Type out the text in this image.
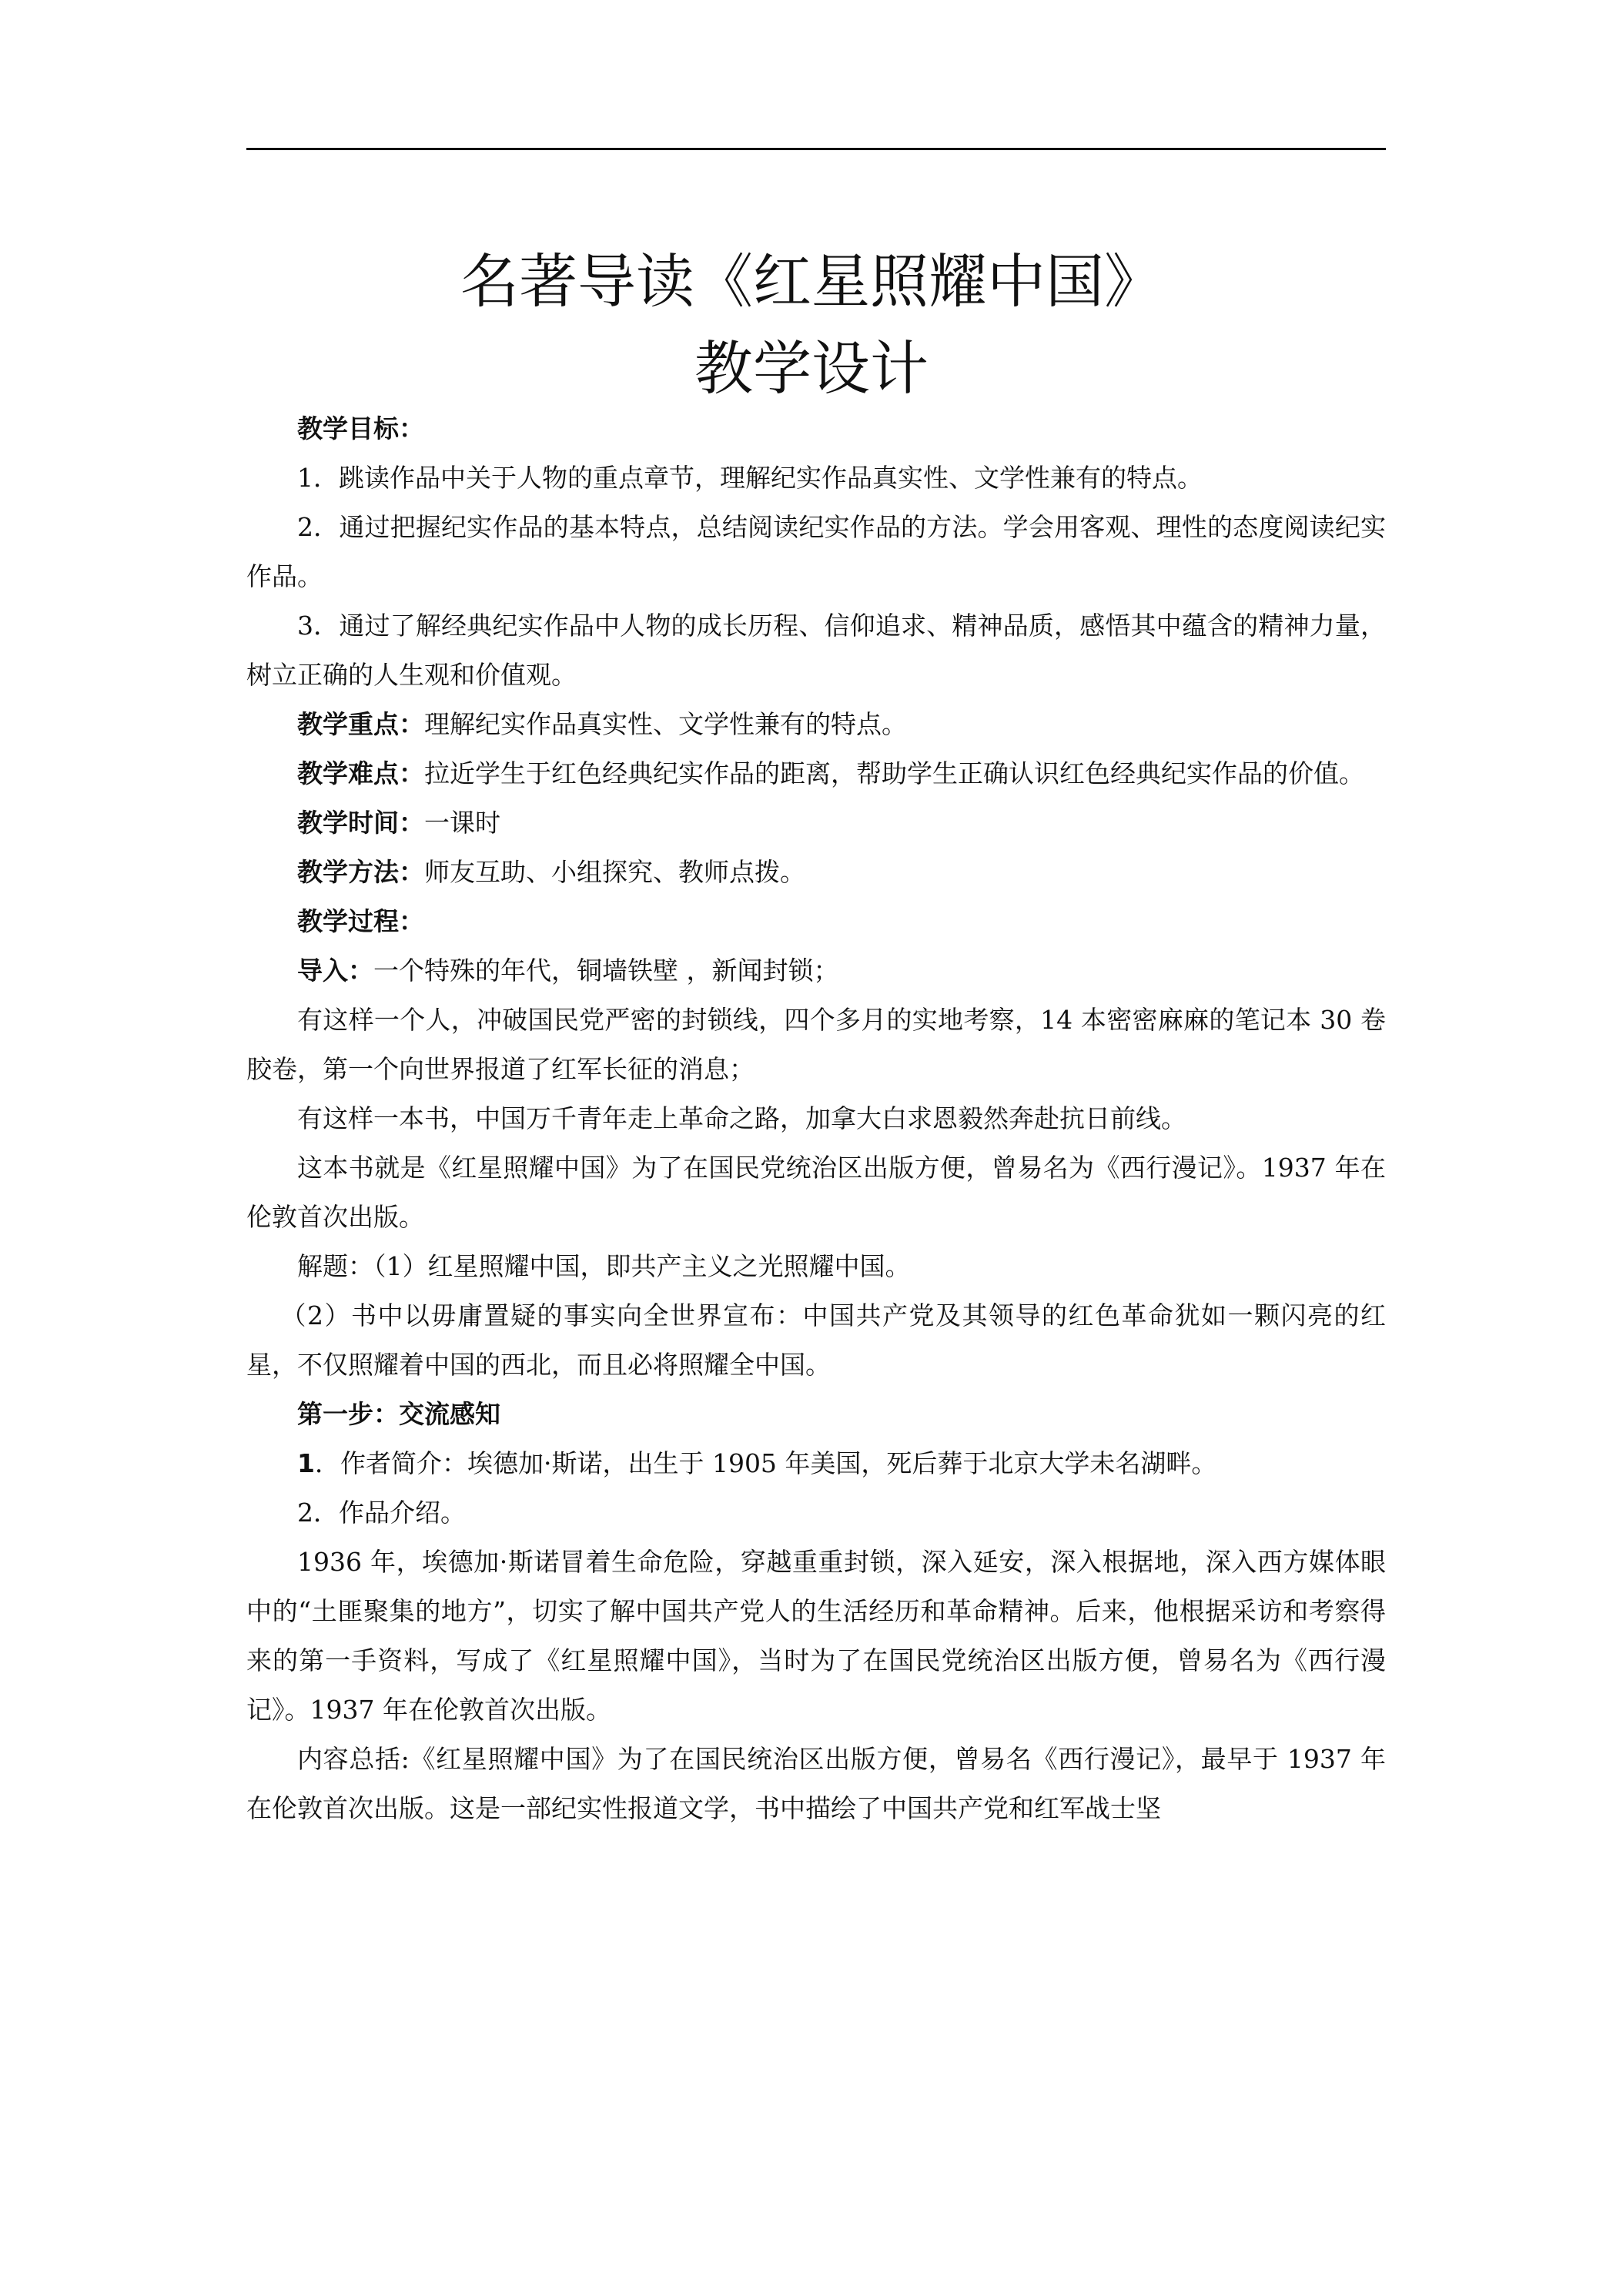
名著导读《红星照耀中国》
教学设计

教学目标：

1．跳读作品中关于人物的重点章节，理解纪实作品真实性、文学性兼有的特点。

2．通过把握纪实作品的基本特点，总结阅读纪实作品的方法。学会用客观、理性的态度阅读纪实作品。

3．通过了解经典纪实作品中人物的成长历程、信仰追求、精神品质，感悟其中蕴含的精神力量，树立正确的人生观和价值观。

教学重点：理解纪实作品真实性、文学性兼有的特点。

教学难点：拉近学生于红色经典纪实作品的距离，帮助学生正确认识红色经典纪实作品的价值。

教学时间：一课时

教学方法：师友互助、小组探究、教师点拨。

教学过程：

导入：一个特殊的年代，铜墙铁壁 ，新闻封锁；

有这样一个人，冲破国民党严密的封锁线，四个多月的实地考察，14 本密密麻麻的笔记本 30 卷胶卷，第一个向世界报道了红军长征的消息；

有这样一本书，中国万千青年走上革命之路，加拿大白求恩毅然奔赴抗日前线。

这本书就是《红星照耀中国》为了在国民党统治区出版方便，曾易名为《西行漫记》。1937 年在伦敦首次出版。

解题：（1）红星照耀中国，即共产主义之光照耀中国。

（2）书中以毋庸置疑的事实向全世界宣布：中国共产党及其领导的红色革命犹如一颗闪亮的红星，不仅照耀着中国的西北，而且必将照耀全中国。

第一步：交流感知

1．作者简介：埃德加·斯诺，出生于 1905 年美国，死后葬于北京大学未名湖畔。

2．作品介绍。

1936 年，埃德加·斯诺冒着生命危险，穿越重重封锁，深入延安，深入根据地，深入西方媒体眼中的“土匪聚集的地方”，切实了解中国共产党人的生活经历和革命精神。后来，他根据采访和考察得来的第一手资料，写成了《红星照耀中国》，当时为了在国民党统治区出版方便，曾易名为《西行漫记》。1937 年在伦敦首次出版。

内容总括:《红星照耀中国》为了在国民统治区出版方便，曾易名《西行漫记》，最早于 1937 年在伦敦首次出版。这是一部纪实性报道文学，书中描绘了中国共产党和红军战士坚
